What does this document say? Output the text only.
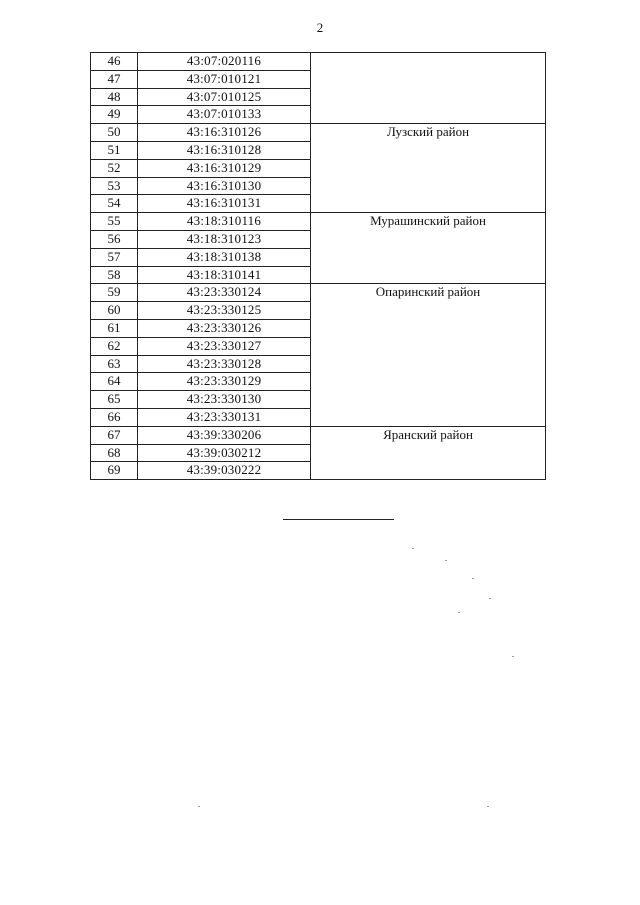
2
46	43:07:020116	
47	43:07:010121	
48	43:07:010125	
49	43:07:010133	
50	43:16:310126	Лузский район
51	43:16:310128	
52	43:16:310129	
53	43:16:310130	
54	43:16:310131	
55	43:18:310116	Мурашинский район
56	43:18:310123	
57	43:18:310138	
58	43:18:310141	
59	43:23:330124	Опаринский район
60	43:23:330125	
61	43:23:330126	
62	43:23:330127	
63	43:23:330128	
64	43:23:330129	
65	43:23:330130	
66	43:23:330131	
67	43:39:330206	Яранский район
68	43:39:030212	
69	43:39:030222	
